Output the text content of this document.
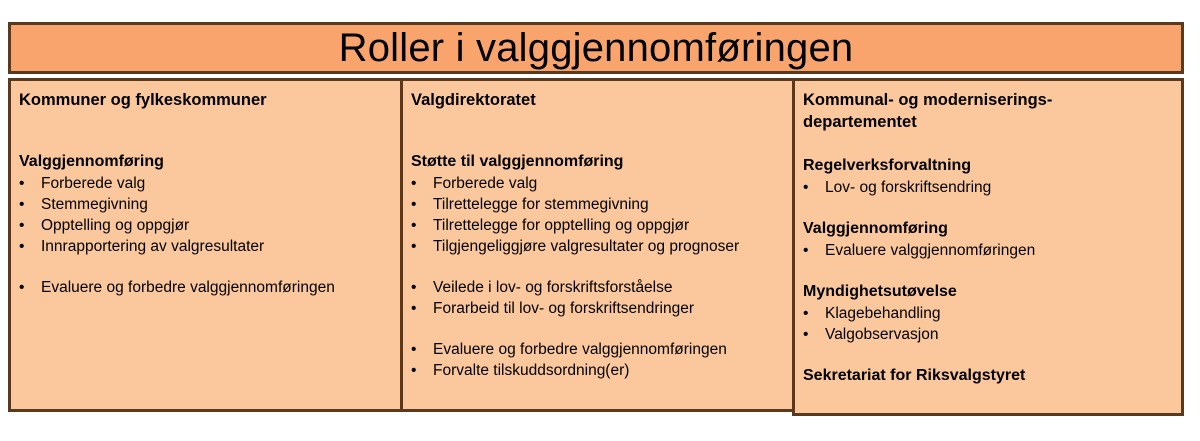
Roller i valggjennomføringen
Kommuner og fylkeskommuner
Valggjennomføring
• Forberede valg
• Stemmegivning
• Opptelling og oppgjør
• Innrapportering av valgresultater
• Evaluere og forbedre valggjennomføringen
Valgdirektoratet
Støtte til valggjennomføring
• Forberede valg
• Tilrettelegge for stemmegivning
• Tilrettelegge for opptelling og oppgjør
• Tilgjengeliggjøre valgresultater og prognoser
• Veilede i lov- og forskriftsforståelse
• Forarbeid til lov- og forskriftsendringer
• Evaluere og forbedre valggjennomføringen
• Forvalte tilskuddsordning(er)
Kommunal- og moderniserings-
departementet
Regelverksforvaltning
• Lov- og forskriftsendring
Valggjennomføring
• Evaluere valggjennomføringen
Myndighetsutøvelse
• Klagebehandling
• Valgobservasjon
Sekretariat for Riksvalgstyret
